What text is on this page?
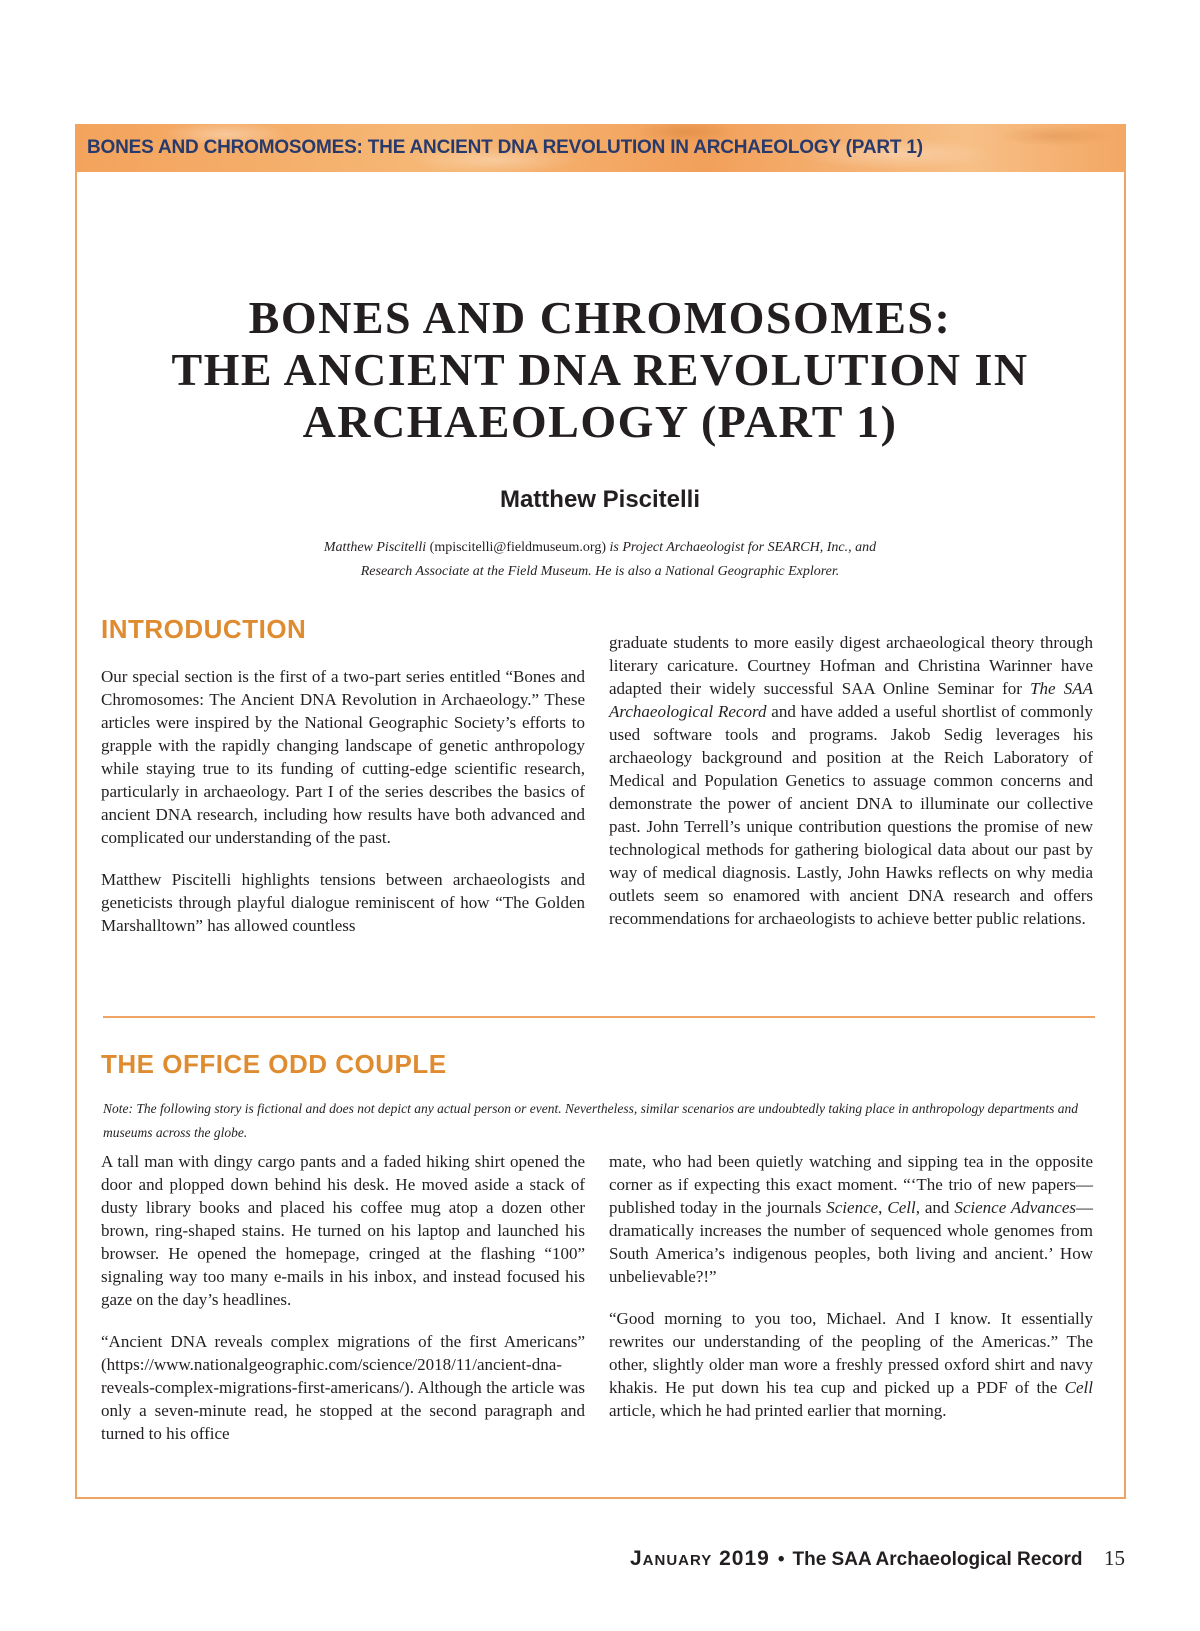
BONES AND CHROMOSOMES: THE ANCIENT DNA REVOLUTION IN ARCHAEOLOGY (PART 1)
BONES AND CHROMOSOMES:
THE ANCIENT DNA REVOLUTION IN
ARCHAEOLOGY (PART 1)
Matthew Piscitelli
Matthew Piscitelli (mpiscitelli@fieldmuseum.org) is Project Archaeologist for SEARCH, Inc., and
Research Associate at the Field Museum. He is also a National Geographic Explorer.
INTRODUCTION

Our special section is the first of a two-part series entitled “Bones and Chromosomes: The Ancient DNA Revolution in Archaeology.” These articles were inspired by the National Geographic Society’s efforts to grapple with the rapidly changing landscape of genetic anthropology while staying true to its funding of cutting-edge scientific research, particularly in archaeology. Part I of the series describes the basics of ancient DNA research, including how results have both advanced and complicated our understanding of the past.

Matthew Piscitelli highlights tensions between archaeologists and geneticists through playful dialogue reminiscent of how “The Golden Marshalltown” has allowed countless

graduate students to more easily digest archaeological theory through literary caricature. Courtney Hofman and Christina Warinner have adapted their widely successful SAA Online Seminar for The SAA Archaeological Record and have added a useful shortlist of commonly used software tools and programs. Jakob Sedig leverages his archaeology background and position at the Reich Laboratory of Medical and Population Genetics to assuage common concerns and demonstrate the power of ancient DNA to illuminate our collective past. John Terrell’s unique contribution questions the promise of new technological methods for gathering biological data about our past by way of medical diagnosis. Lastly, John Hawks reflects on why media outlets seem so enamored with ancient DNA research and offers recommendations for archaeologists to achieve better public relations.

THE OFFICE ODD COUPLE
Note: The following story is fictional and does not depict any actual person or event. Nevertheless, similar scenarios are undoubtedly taking place in anthropology departments and museums across the globe.

A tall man with dingy cargo pants and a faded hiking shirt opened the door and plopped down behind his desk. He moved aside a stack of dusty library books and placed his coffee mug atop a dozen other brown, ring-shaped stains. He turned on his laptop and launched his browser. He opened the homepage, cringed at the flashing “100” signaling way too many e-mails in his inbox, and instead focused his gaze on the day’s headlines.

“Ancient DNA reveals complex migrations of the first Americans” (https://www.nationalgeographic.com/science/2018/11/ancient-dna-reveals-complex-migrations-first-americans/). Although the article was only a seven-minute read, he stopped at the second paragraph and turned to his office

mate, who had been quietly watching and sipping tea in the opposite corner as if expecting this exact moment. “‘The trio of new papers—published today in the journals Science, Cell, and Science Advances—dramatically increases the number of sequenced whole genomes from South America’s indigenous peoples, both living and ancient.’ How unbelievable?!”

“Good morning to you too, Michael. And I know. It essentially rewrites our understanding of the peopling of the Americas.” The other, slightly older man wore a freshly pressed oxford shirt and navy khakis. He put down his tea cup and picked up a PDF of the Cell article, which he had printed earlier that morning.

January 2019 • The SAA Archaeological Record	15
